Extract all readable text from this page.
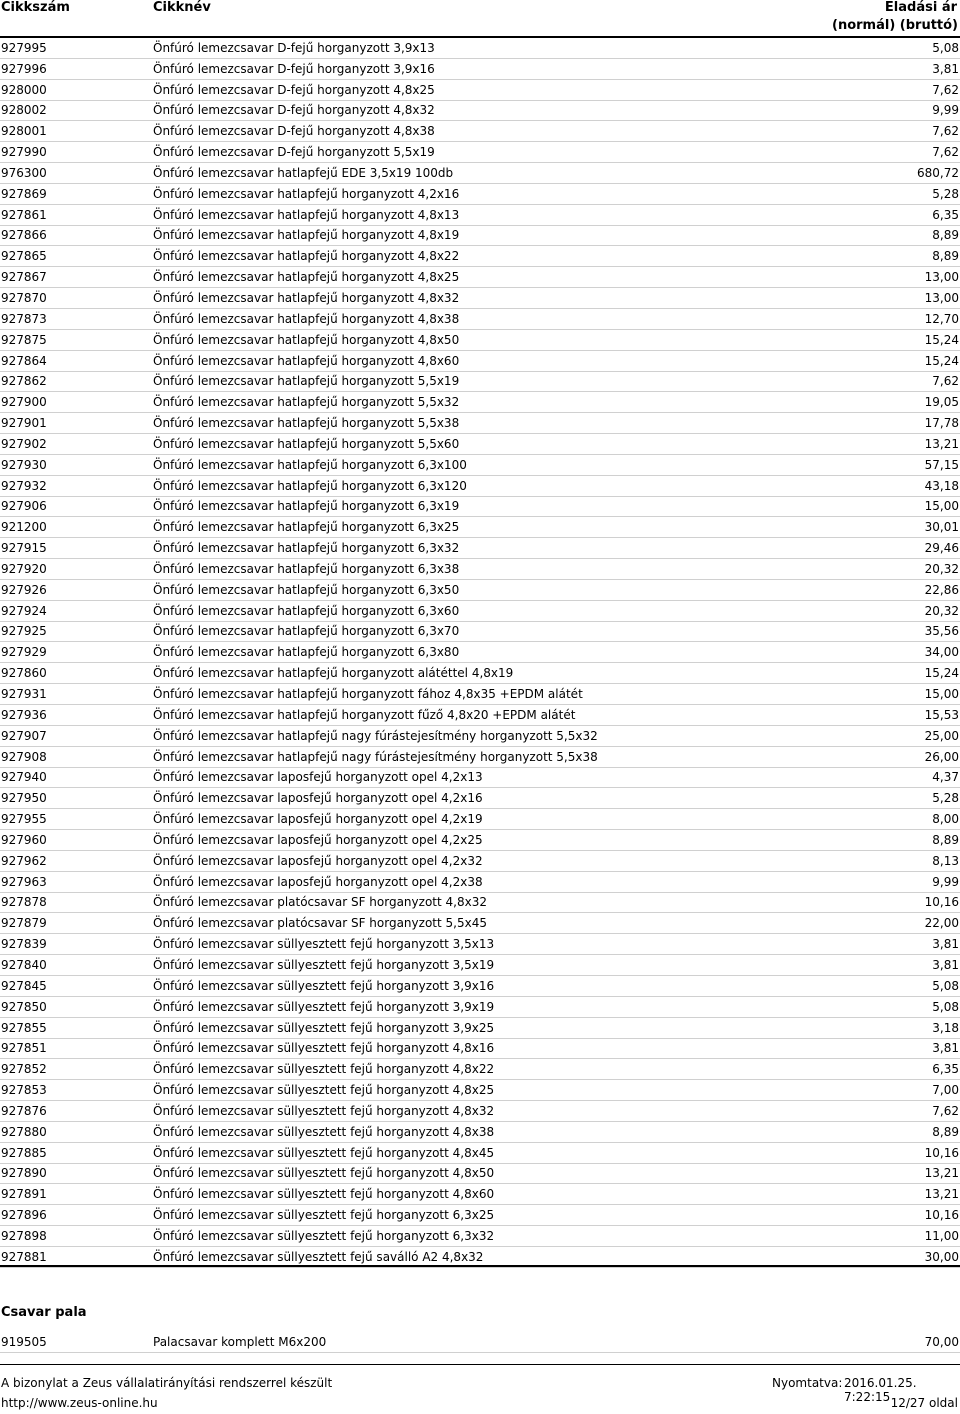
Cikkszám	Cikknév	Eladási ár
(normál) (bruttó)
927995	Önfúró lemezcsavar D-fejű horganyzott 3,9x13	5,08
927996	Önfúró lemezcsavar D-fejű horganyzott 3,9x16	3,81
928000	Önfúró lemezcsavar D-fejű horganyzott 4,8x25	7,62
928002	Önfúró lemezcsavar D-fejű horganyzott 4,8x32	9,99
928001	Önfúró lemezcsavar D-fejű horganyzott 4,8x38	7,62
927990	Önfúró lemezcsavar D-fejű horganyzott 5,5x19	7,62
976300	Önfúró lemezcsavar hatlapfejű EDE 3,5x19 100db	680,72
927869	Önfúró lemezcsavar hatlapfejű horganyzott 4,2x16	5,28
927861	Önfúró lemezcsavar hatlapfejű horganyzott 4,8x13	6,35
927866	Önfúró lemezcsavar hatlapfejű horganyzott 4,8x19	8,89
927865	Önfúró lemezcsavar hatlapfejű horganyzott 4,8x22	8,89
927867	Önfúró lemezcsavar hatlapfejű horganyzott 4,8x25	13,00
927870	Önfúró lemezcsavar hatlapfejű horganyzott 4,8x32	13,00
927873	Önfúró lemezcsavar hatlapfejű horganyzott 4,8x38	12,70
927875	Önfúró lemezcsavar hatlapfejű horganyzott 4,8x50	15,24
927864	Önfúró lemezcsavar hatlapfejű horganyzott 4,8x60	15,24
927862	Önfúró lemezcsavar hatlapfejű horganyzott 5,5x19	7,62
927900	Önfúró lemezcsavar hatlapfejű horganyzott 5,5x32	19,05
927901	Önfúró lemezcsavar hatlapfejű horganyzott 5,5x38	17,78
927902	Önfúró lemezcsavar hatlapfejű horganyzott 5,5x60	13,21
927930	Önfúró lemezcsavar hatlapfejű horganyzott 6,3x100	57,15
927932	Önfúró lemezcsavar hatlapfejű horganyzott 6,3x120	43,18
927906	Önfúró lemezcsavar hatlapfejű horganyzott 6,3x19	15,00
921200	Önfúró lemezcsavar hatlapfejű horganyzott 6,3x25	30,01
927915	Önfúró lemezcsavar hatlapfejű horganyzott 6,3x32	29,46
927920	Önfúró lemezcsavar hatlapfejű horganyzott 6,3x38	20,32
927926	Önfúró lemezcsavar hatlapfejű horganyzott 6,3x50	22,86
927924	Önfúró lemezcsavar hatlapfejű horganyzott 6,3x60	20,32
927925	Önfúró lemezcsavar hatlapfejű horganyzott 6,3x70	35,56
927929	Önfúró lemezcsavar hatlapfejű horganyzott 6,3x80	34,00
927860	Önfúró lemezcsavar hatlapfejű horganyzott alátéttel 4,8x19	15,24
927931	Önfúró lemezcsavar hatlapfejű horganyzott fához 4,8x35 +EPDM alátét	15,00
927936	Önfúró lemezcsavar hatlapfejű horganyzott fűző 4,8x20 +EPDM alátét	15,53
927907	Önfúró lemezcsavar hatlapfejű nagy fúrástejesítmény horganyzott 5,5x32	25,00
927908	Önfúró lemezcsavar hatlapfejű nagy fúrástejesítmény horganyzott 5,5x38	26,00
927940	Önfúró lemezcsavar laposfejű horganyzott opel 4,2x13	4,37
927950	Önfúró lemezcsavar laposfejű horganyzott opel 4,2x16	5,28
927955	Önfúró lemezcsavar laposfejű horganyzott opel 4,2x19	8,00
927960	Önfúró lemezcsavar laposfejű horganyzott opel 4,2x25	8,89
927962	Önfúró lemezcsavar laposfejű horganyzott opel 4,2x32	8,13
927963	Önfúró lemezcsavar laposfejű horganyzott opel 4,2x38	9,99
927878	Önfúró lemezcsavar platócsavar SF horganyzott 4,8x32	10,16
927879	Önfúró lemezcsavar platócsavar SF horganyzott 5,5x45	22,00
927839	Önfúró lemezcsavar süllyesztett fejű horganyzott 3,5x13	3,81
927840	Önfúró lemezcsavar süllyesztett fejű horganyzott 3,5x19	3,81
927845	Önfúró lemezcsavar süllyesztett fejű horganyzott 3,9x16	5,08
927850	Önfúró lemezcsavar süllyesztett fejű horganyzott 3,9x19	5,08
927855	Önfúró lemezcsavar süllyesztett fejű horganyzott 3,9x25	3,18
927851	Önfúró lemezcsavar süllyesztett fejű horganyzott 4,8x16	3,81
927852	Önfúró lemezcsavar süllyesztett fejű horganyzott 4,8x22	6,35
927853	Önfúró lemezcsavar süllyesztett fejű horganyzott 4,8x25	7,00
927876	Önfúró lemezcsavar süllyesztett fejű horganyzott 4,8x32	7,62
927880	Önfúró lemezcsavar süllyesztett fejű horganyzott 4,8x38	8,89
927885	Önfúró lemezcsavar süllyesztett fejű horganyzott 4,8x45	10,16
927890	Önfúró lemezcsavar süllyesztett fejű horganyzott 4,8x50	13,21
927891	Önfúró lemezcsavar süllyesztett fejű horganyzott 4,8x60	13,21
927896	Önfúró lemezcsavar süllyesztett fejű horganyzott 6,3x25	10,16
927898	Önfúró lemezcsavar süllyesztett fejű horganyzott 6,3x32	11,00
927881	Önfúró lemezcsavar süllyesztett fejű saválló A2 4,8x32	30,00
Csavar pala
919505	Palacsavar komplett M6x200	70,00
A bizonylat a Zeus vállalatirányítási rendszerrel készült	Nyomtatva: 2016.01.25. 7:22:15
http://www.zeus-online.hu	12/27 oldal
